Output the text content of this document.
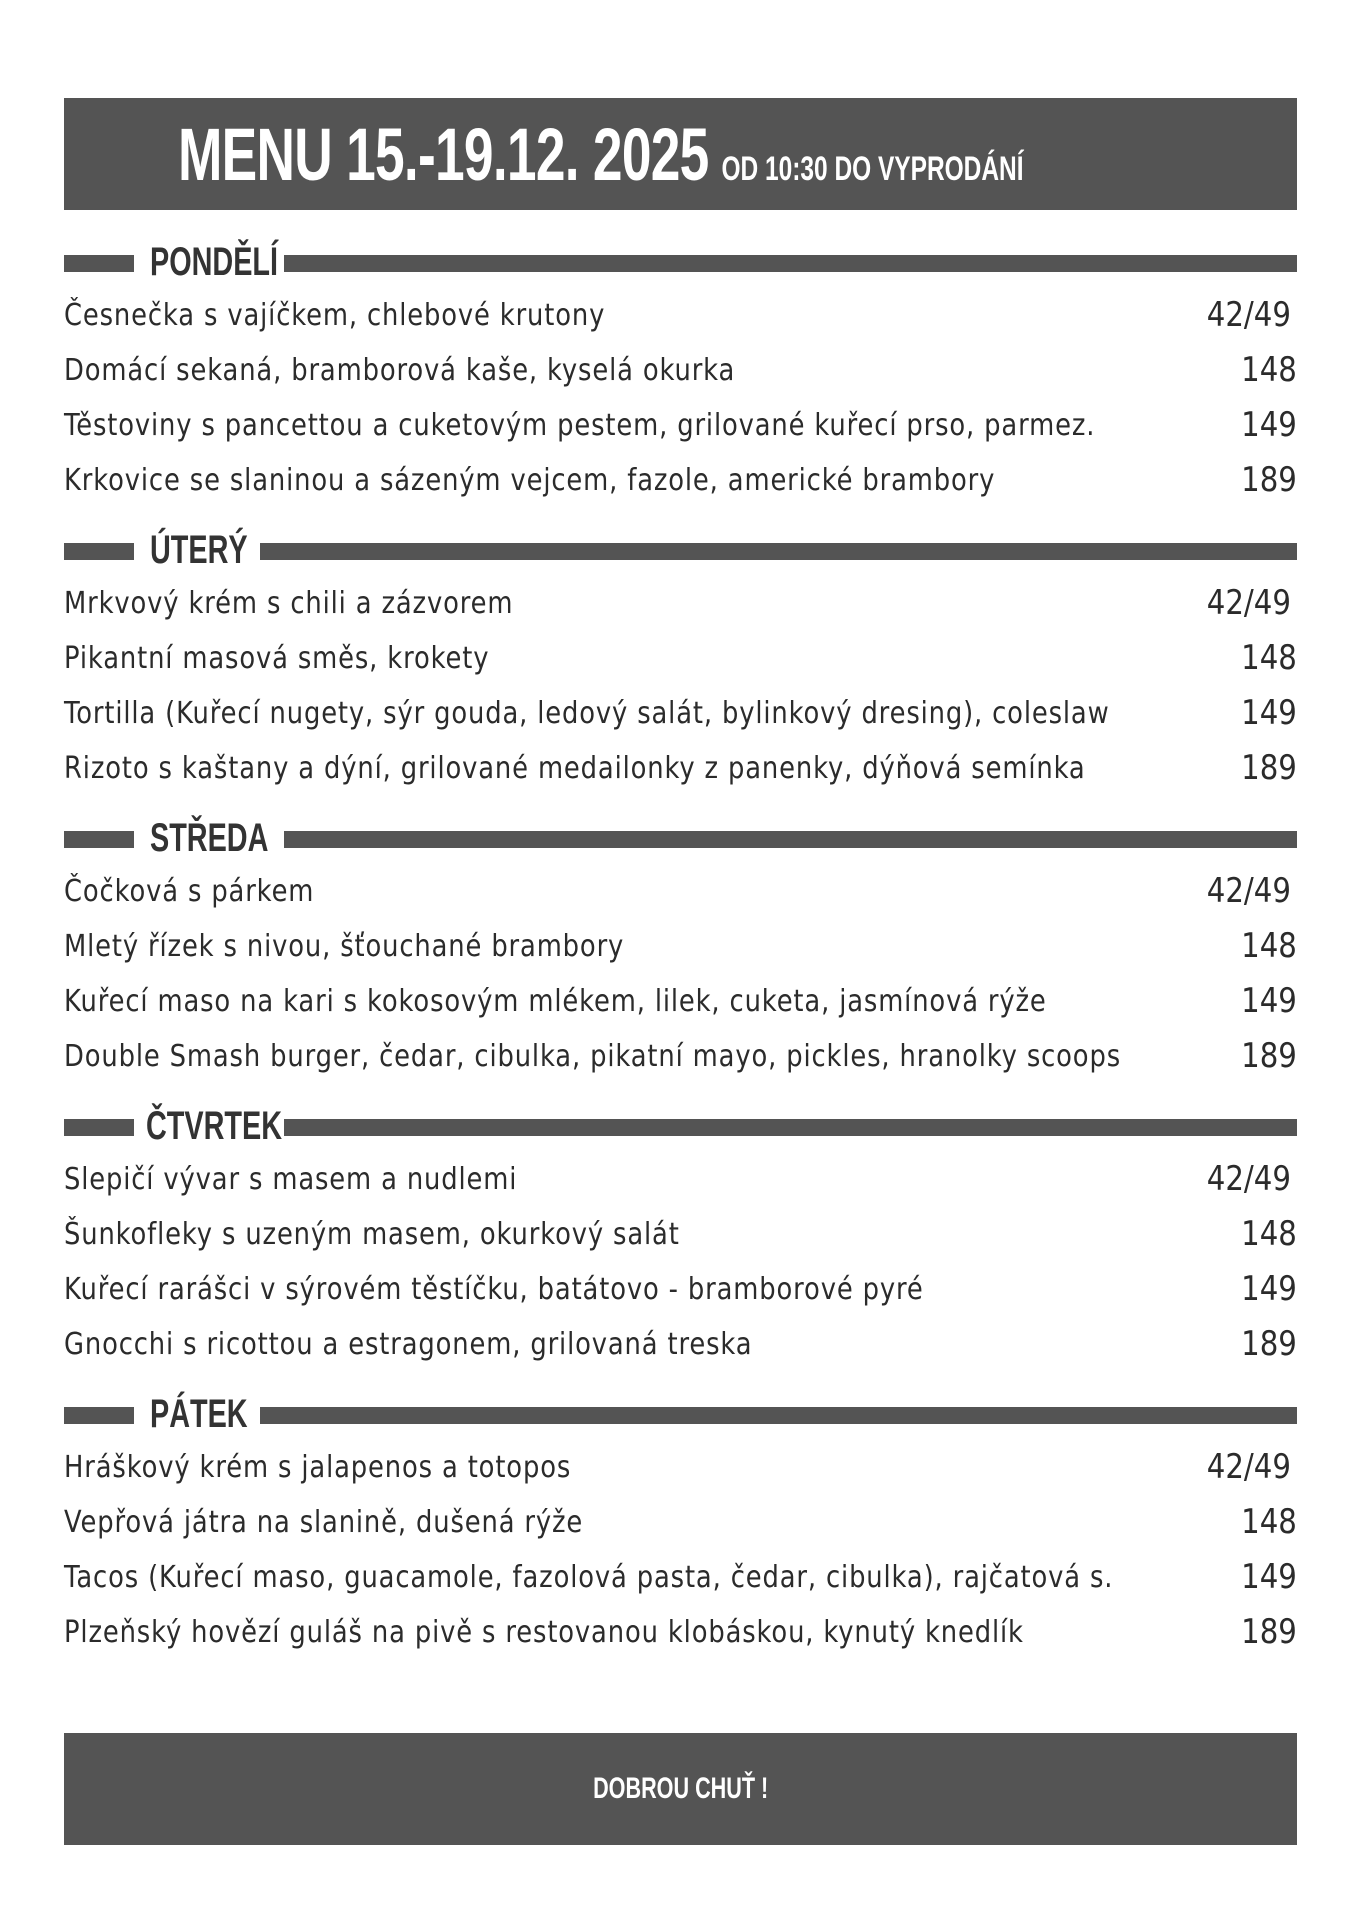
MENU 15.-19.12. 2025 OD 10:30 DO VYPRODÁNÍ
PONDĚLÍ
Česnečka s vajíčkem, chlebové krutony	42/49
Domácí sekaná, bramborová kaše, kyselá okurka	148
Těstoviny s pancettou a cuketovým pestem, grilované kuřecí prso, parmez.	149
Krkovice se slaninou a sázeným vejcem, fazole, americké brambory	189
ÚTERÝ
Mrkvový krém s chili a zázvorem	42/49
Pikantní masová směs, krokety	148
Tortilla (Kuřecí nugety, sýr gouda, ledový salát, bylinkový dresing), coleslaw	149
Rizoto s kaštany a dýní, grilované medailonky z panenky, dýňová semínka	189
STŘEDA
Čočková s párkem	42/49
Mletý řízek s nivou, šťouchané brambory	148
Kuřecí maso na kari s kokosovým mlékem, lilek, cuketa, jasmínová rýže	149
Double Smash burger, čedar, cibulka, pikatní mayo, pickles, hranolky scoops	189
ČTVRTEK
Slepičí vývar s masem a nudlemi	42/49
Šunkofleky s uzeným masem, okurkový salát	148
Kuřecí rarášci v sýrovém těstíčku, batátovo - bramborové pyré	149
Gnocchi s ricottou a estragonem, grilovaná treska	189
PÁTEK
Hráškový krém s jalapenos a totopos	42/49
Vepřová játra na slanině, dušená rýže	148
Tacos (Kuřecí maso, guacamole, fazolová pasta, čedar, cibulka), rajčatová s.	149
Plzeňský hovězí guláš na pivě s restovanou klobáskou, kynutý knedlík	189
DOBROU CHUŤ !
